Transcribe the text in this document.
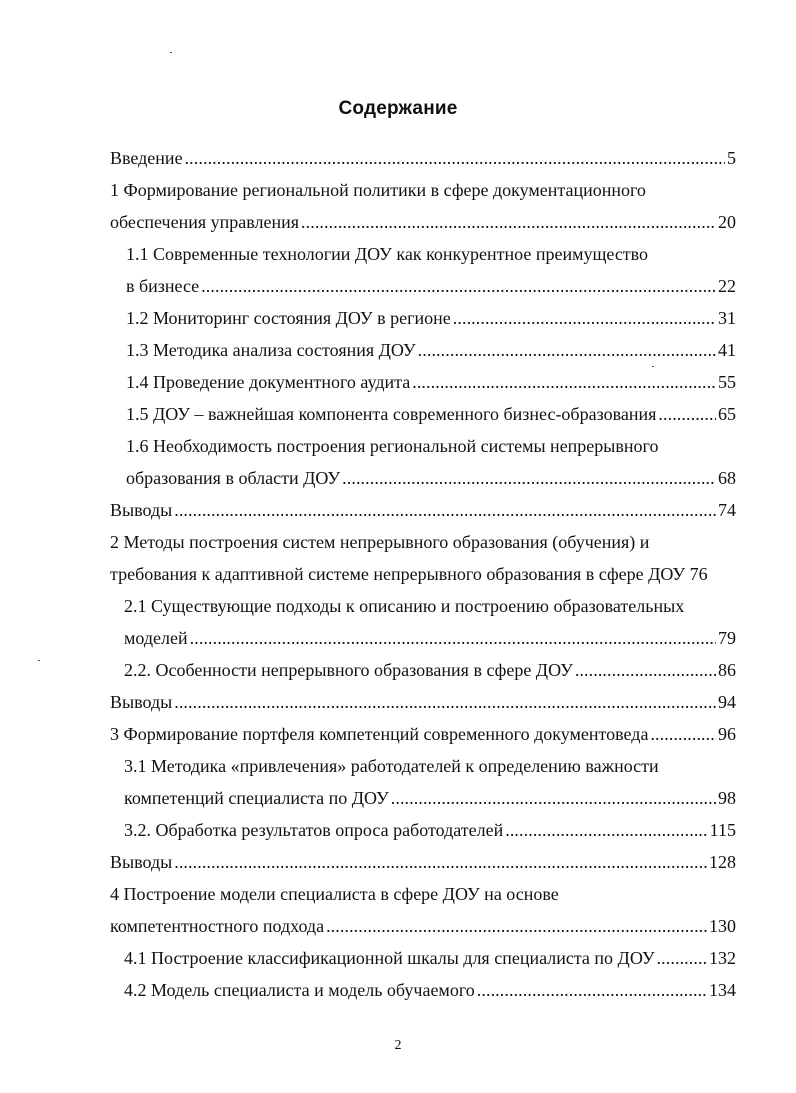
Содержание
Введение . . .	5
1 Формирование региональной политики в сфере документационного
обеспечения управления . . .	20
1.1 Современные технологии ДОУ как конкурентное преимущество
в бизнесе . . .	22
1.2 Мониторинг состояния ДОУ в регионе . . .	31
1.3 Методика анализа состояния ДОУ . . .	41
1.4 Проведение документного аудита . . .	55
1.5 ДОУ – важнейшая компонента современного бизнес-образования . . .	65
1.6 Необходимость построения региональной системы непрерывного
образования в области ДОУ . . .	68
Выводы . . .	74
2 Методы построения систем непрерывного образования (обучения) и
требования к адаптивной системе непрерывного образования в сфере ДОУ 76
2.1 Существующие подходы к описанию и построению образовательных
моделей . . .	79
2.2. Особенности непрерывного образования в сфере ДОУ . . .	86
Выводы . . .	94
3 Формирование портфеля компетенций современного документоведа . . .	96
3.1 Методика «привлечения» работодателей к определению важности
компетенций специалиста по ДОУ . . .	98
3.2. Обработка результатов опроса работодателей . . .	115
Выводы . . .	128
4 Построение модели специалиста в сфере ДОУ на основе
компетентностного подхода . . .	130
4.1 Построение классификационной шкалы для специалиста по ДОУ . . .	132
4.2 Модель специалиста и модель обучаемого . . .	134
2
